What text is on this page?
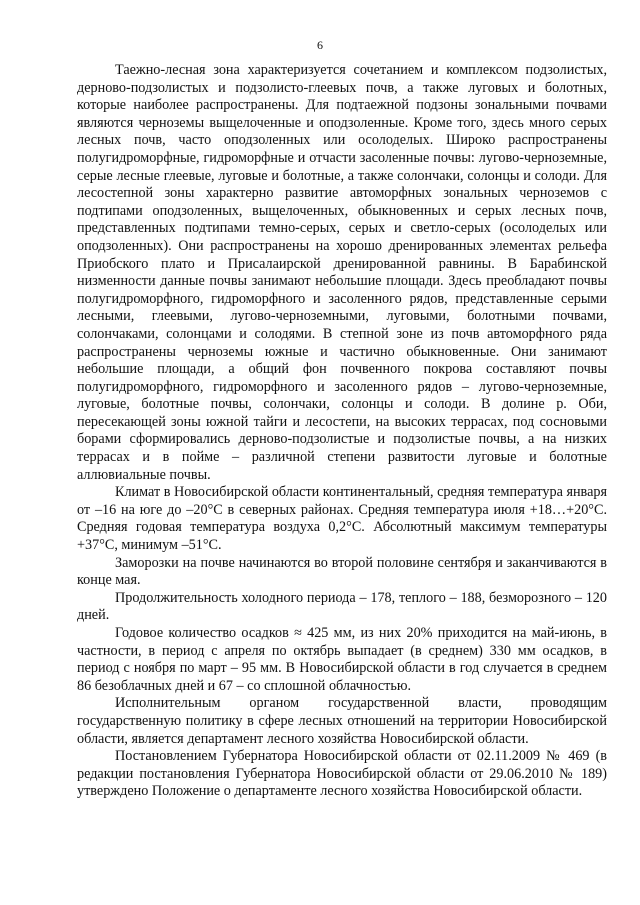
6

Таежно-лесная зона характеризуется сочетанием и комплексом подзолистых, дерново-подзолистых и подзолисто-глеевых почв, а также луговых и болотных, которые наиболее распространены. Для подтаежной подзоны зональными почвами являются черноземы выщелоченные и оподзоленные. Кроме того, здесь много серых лесных почв, часто оподзоленных или осолоделых. Широко распространены полугидроморфные, гидроморфные и отчасти засоленные почвы: лугово-черноземные, серые лесные глеевые, луговые и болотные, а также солончаки, солонцы и солоди. Для лесостепной зоны характерно развитие автоморфных зональных черноземов с подтипами оподзоленных, выщелоченных, обыкновенных и серых лесных почв, представленных подтипами темно-серых, серых и светло-серых (осолоделых или оподзоленных). Они распространены на хорошо дренированных элементах рельефа Приобского плато и Присалаирской дренированной равнины. В Барабинской низменности данные почвы занимают небольшие площади. Здесь преобладают почвы полугидроморфного, гидроморфного и засоленного рядов, представленные серыми лесными, глеевыми, лугово-черноземными, луговыми, болотными почвами, солончаками, солонцами и солодями. В степной зоне из почв автоморфного ряда распространены черноземы южные и частично обыкновенные. Они занимают небольшие площади, а общий фон почвенного покрова составляют почвы полугидроморфного, гидроморфного и засоленного рядов – лугово-черноземные, луговые, болотные почвы, солончаки, солонцы и солоди. В долине р. Оби, пересекающей зоны южной тайги и лесостепи, на высоких террасах, под сосновыми борами сформировались дерново-подзолистые и подзолистые почвы, а на низких террасах и в пойме – различной степени развитости луговые и болотные аллювиальные почвы.

Климат в Новосибирской области континентальный, средняя температура января от –16 на юге до –20°С в северных районах. Средняя температура июля +18…+20°С. Средняя годовая температура воздуха 0,2°С. Абсолютный максимум температуры +37°С, минимум –51°С.

Заморозки на почве начинаются во второй половине сентября и заканчиваются в конце мая.

Продолжительность холодного периода – 178, теплого – 188, безморозного – 120 дней.

Годовое количество осадков ≈ 425 мм, из них 20% приходится на май-июнь, в частности, в период с апреля по октябрь выпадает (в среднем) 330 мм осадков, в период с ноября по март – 95 мм. В Новосибирской области в год случается в среднем 86 безоблачных дней и 67 – со сплошной облачностью.

Исполнительным органом государственной власти, проводящим государственную политику в сфере лесных отношений на территории Новосибирской области, является департамент лесного хозяйства Новосибирской области.

Постановлением Губернатора Новосибирской области от 02.11.2009 № 469 (в редакции постановления Губернатора Новосибирской области от 29.06.2010 № 189) утверждено Положение о департаменте лесного хозяйства Новосибирской области.
